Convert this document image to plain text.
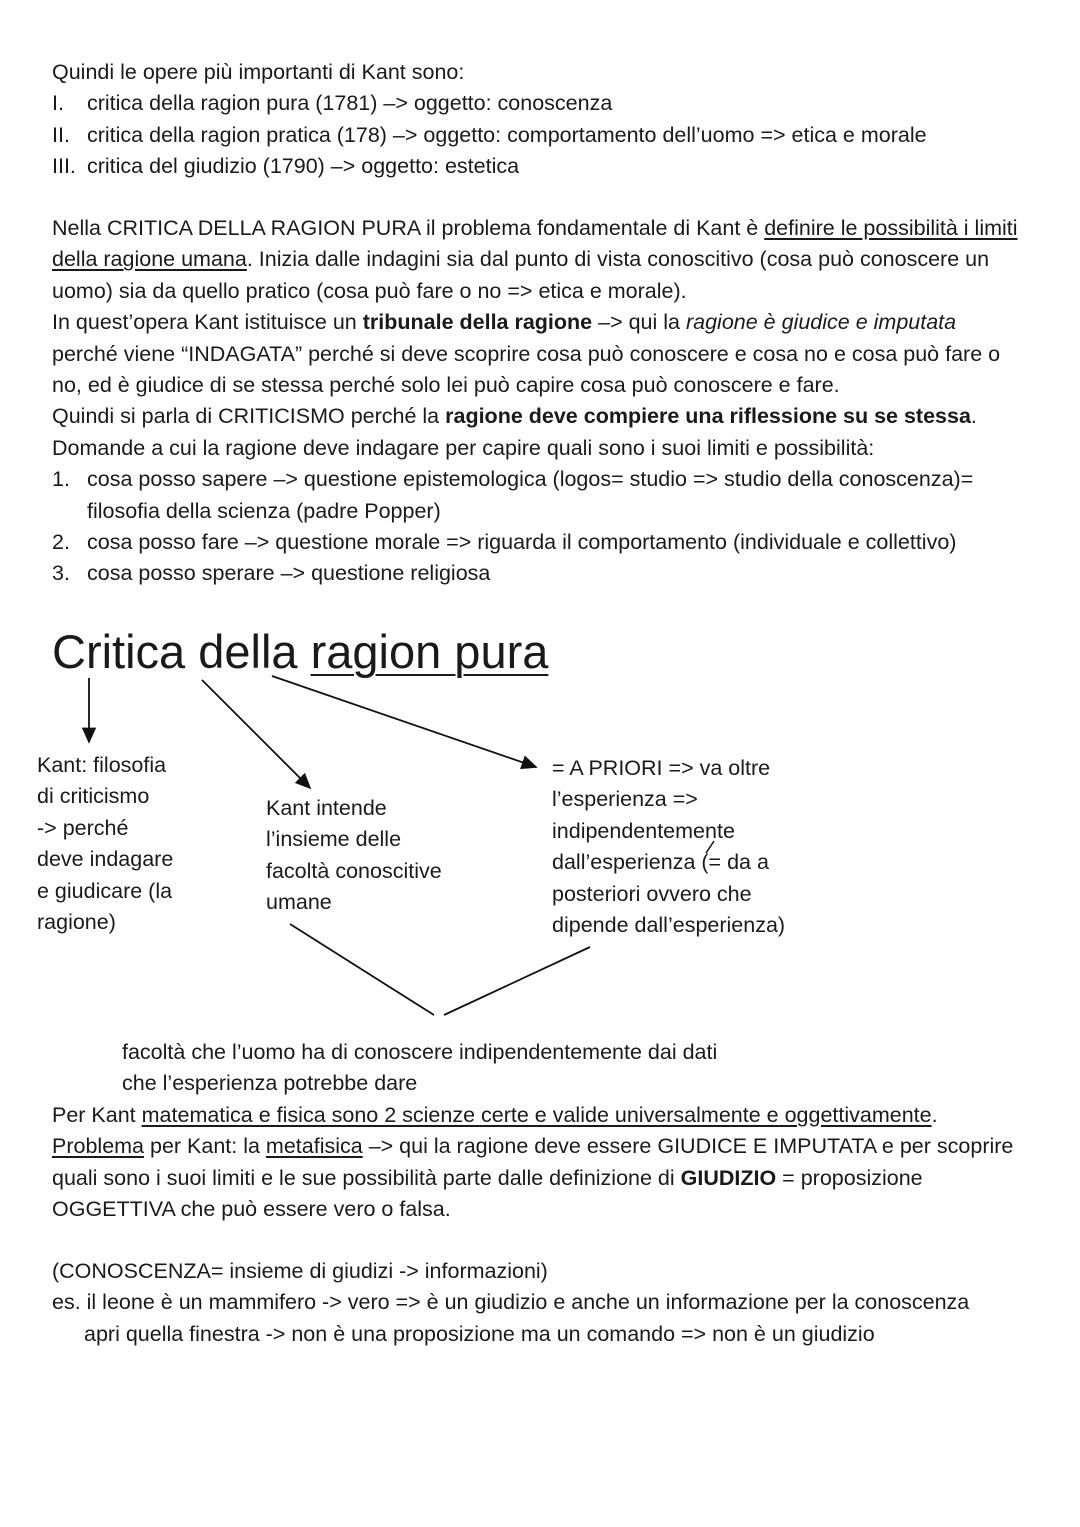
Quindi le opere più importanti di Kant sono:
I. critica della ragion pura (1781) –> oggetto: conoscenza
II. critica della ragion pratica (178) –> oggetto: comportamento dell’uomo => etica e morale
III. critica del giudizio (1790) –> oggetto: estetica
Nella CRITICA DELLA RAGION PURA il problema fondamentale di Kant è definire le possibilità i limiti
della ragione umana. Inizia dalle indagini sia dal punto di vista conoscitivo (cosa può conoscere un
uomo) sia da quello pratico (cosa può fare o no => etica e morale).
In quest’opera Kant istituisce un tribunale della ragione –> qui la ragione è giudice e imputata
perché viene “INDAGATA” perché si deve scoprire cosa può conoscere e cosa no e cosa può fare o
no, ed è giudice di se stessa perché solo lei può capire cosa può conoscere e fare.
Quindi si parla di CRITICISMO perché la ragione deve compiere una riflessione su se stessa.
Domande a cui la ragione deve indagare per capire quali sono i suoi limiti e possibilità:
1. cosa posso sapere –> questione epistemologica (logos= studio => studio della conoscenza)=
filosofia della scienza (padre Popper)
2. cosa posso fare –> questione morale => riguarda il comportamento (individuale e collettivo)
3. cosa posso sperare –> questione religiosa
Critica della ragion pura
Kant: filosofia
di criticismo
-> perché
deve indagare
e giudicare (la
ragione)
Kant intende
l’insieme delle
facoltà conoscitive
umane
= A PRIORI => va oltre
l’esperienza =>
indipendentemente
dall’esperienza (= da a
posteriori ovvero che
dipende dall’esperienza)
facoltà che l’uomo ha di conoscere indipendentemente dai dati
che l’esperienza potrebbe dare
Per Kant matematica e fisica sono 2 scienze certe e valide universalmente e oggettivamente.
Problema per Kant: la metafisica –> qui la ragione deve essere GIUDICE E IMPUTATA e per scoprire
quali sono i suoi limiti e le sue possibilità parte dalle definizione di GIUDIZIO = proposizione
OGGETTIVA che può essere vero o falsa.
(CONOSCENZA= insieme di giudizi -> informazioni)
es. il leone è un mammifero -> vero => è un giudizio e anche un informazione per la conoscenza
apri quella finestra -> non è una proposizione ma un comando => non è un giudizio
